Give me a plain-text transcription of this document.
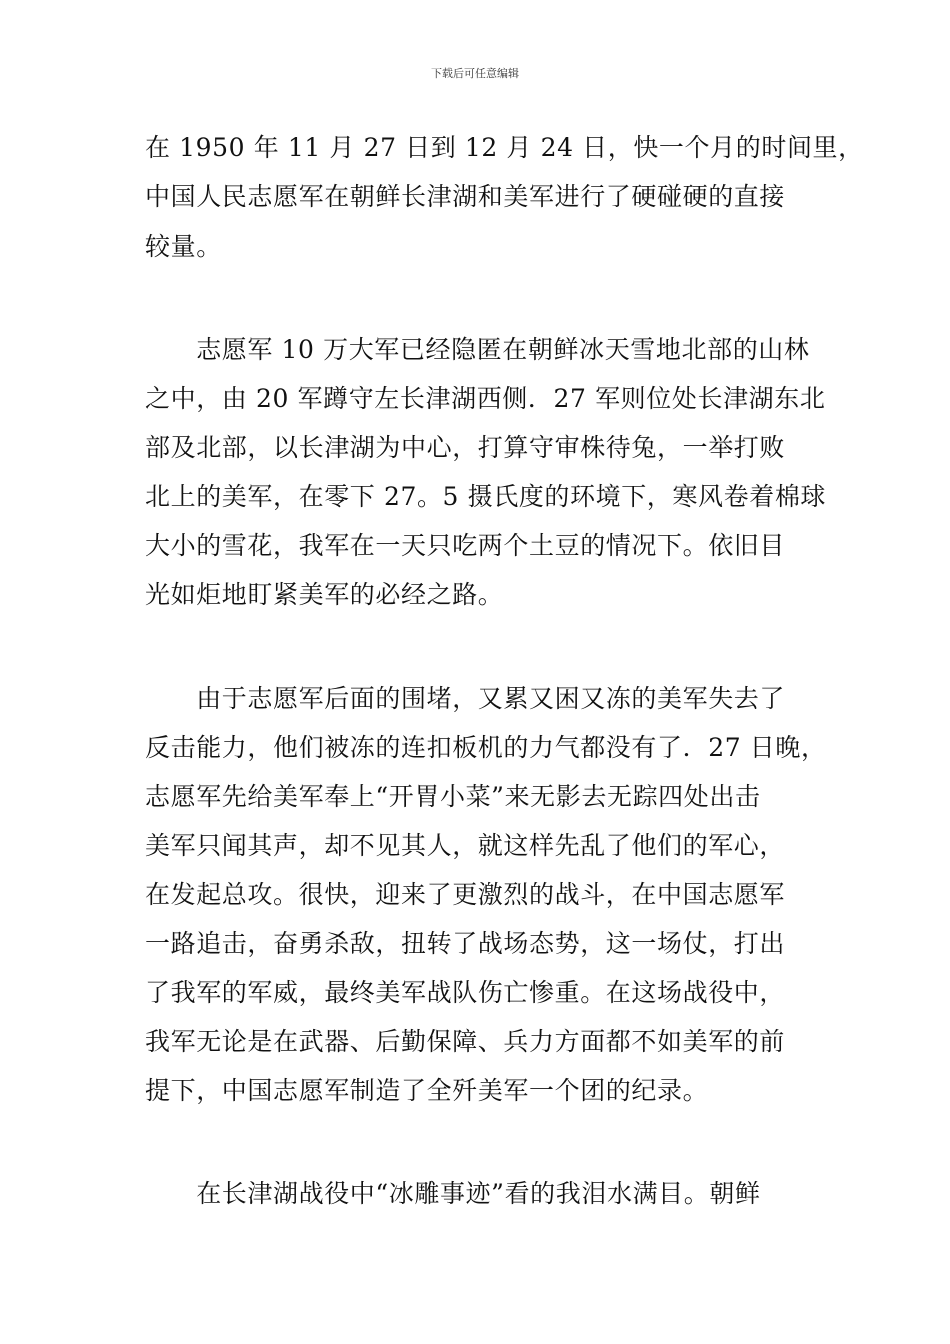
下载后可任意编辑
在 1950 年 11 月 27 日到 12 月 24 日，快一个月的时间里，
中国人民志愿军在朝鲜长津湖和美军进行了硬碰硬的直接
较量。
　　志愿军 10 万大军已经隐匿在朝鲜冰天雪地北部的山林
之中，由 20 军蹲守左长津湖西侧．27 军则位处长津湖东北
部及北部，以长津湖为中心，打算守审株待兔，一举打败
北上的美军，在零下 27。5 摄氏度的环境下，寒风卷着棉球
大小的雪花，我军在一天只吃两个土豆的情况下。依旧目
光如炬地盯紧美军的必经之路。
　　由于志愿军后面的围堵，又累又困又冻的美军失去了
反击能力，他们被冻的连扣板机的力气都没有了．27 日晚，
志愿军先给美军奉上“开胃小菜”来无影去无踪四处出击
美军只闻其声，却不见其人，就这样先乱了他们的军心，
在发起总攻。很快，迎来了更激烈的战斗，在中国志愿军
一路追击，奋勇杀敌，扭转了战场态势，这一场仗，打出
了我军的军威，最终美军战队伤亡惨重。在这场战役中，
我军无论是在武器、后勤保障、兵力方面都不如美军的前
提下，中国志愿军制造了全歼美军一个团的纪录。
　　在长津湖战役中“冰雕事迹”看的我泪水满目。朝鲜
